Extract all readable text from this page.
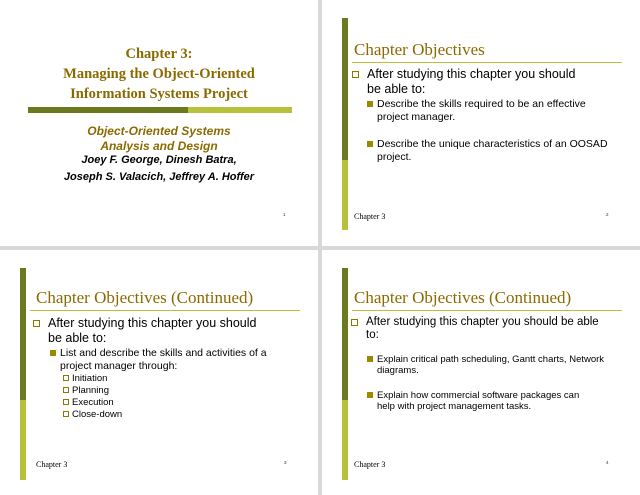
Chapter 3:
Managing the Object-Oriented
Information Systems Project
Object-Oriented Systems
Analysis and Design
Joey F. George, Dinesh Batra,
Joseph S. Valacich, Jeffrey A. Hoffer
1
Chapter Objectives
After studying this chapter you should be able to:
Describe the skills required to be an effective project manager.
Describe the unique characteristics of an OOSAD project.
Chapter 3	2
Chapter Objectives (Continued)
After studying this chapter you should be able to:
List and describe the skills and activities of a project manager through:
Initiation
Planning
Execution
Close-down
Chapter 3	3
Chapter Objectives (Continued)
After studying this chapter you should be able to:
Explain critical path scheduling, Gantt charts, Network diagrams.
Explain how commercial software packages can help with project management tasks.
Chapter 3	4
